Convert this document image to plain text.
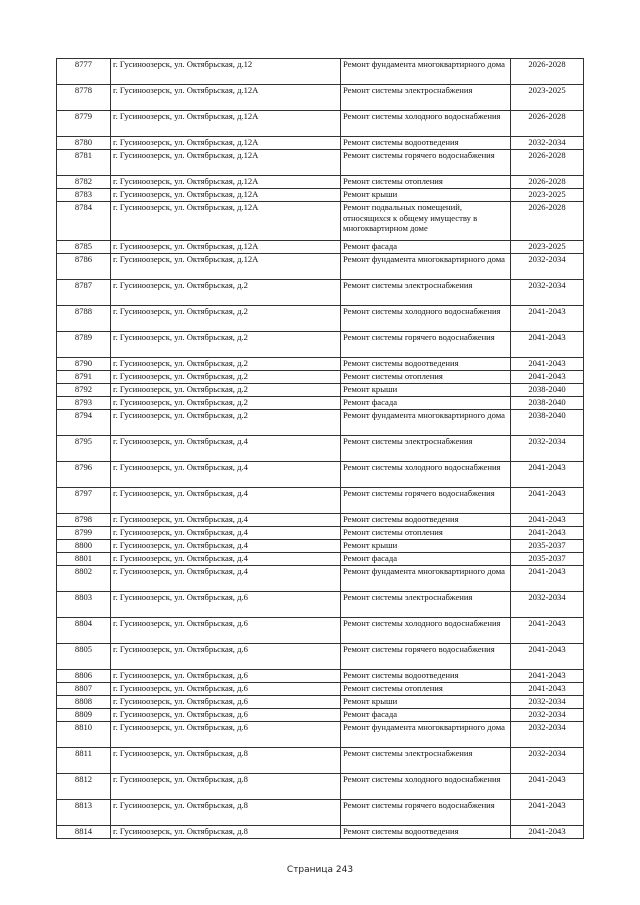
8777	г. Гусиноозерск, ул. Октябрьская, д.12	Ремонт фундамента многоквартирного дома	2026-2028
8778	г. Гусиноозерск, ул. Октябрьская, д.12А	Ремонт системы электроснабжения	2023-2025
8779	г. Гусиноозерск, ул. Октябрьская, д.12А	Ремонт системы холодного водоснабжения	2026-2028
8780	г. Гусиноозерск, ул. Октябрьская, д.12А	Ремонт системы водоотведения	2032-2034
8781	г. Гусиноозерск, ул. Октябрьская, д.12А	Ремонт системы горячего водоснабжения	2026-2028
8782	г. Гусиноозерск, ул. Октябрьская, д.12А	Ремонт системы отопления	2026-2028
8783	г. Гусиноозерск, ул. Октябрьская, д.12А	Ремонт крыши	2023-2025
8784	г. Гусиноозерск, ул. Октябрьская, д.12А	Ремонт подвальных помещений, относящихся к общему имуществу в многоквартирном доме	2026-2028
8785	г. Гусиноозерск, ул. Октябрьская, д.12А	Ремонт фасада	2023-2025
8786	г. Гусиноозерск, ул. Октябрьская, д.12А	Ремонт фундамента многоквартирного дома	2032-2034
8787	г. Гусиноозерск, ул. Октябрьская, д.2	Ремонт системы электроснабжения	2032-2034
8788	г. Гусиноозерск, ул. Октябрьская, д.2	Ремонт системы холодного водоснабжения	2041-2043
8789	г. Гусиноозерск, ул. Октябрьская, д.2	Ремонт системы горячего водоснабжения	2041-2043
8790	г. Гусиноозерск, ул. Октябрьская, д.2	Ремонт системы водоотведения	2041-2043
8791	г. Гусиноозерск, ул. Октябрьская, д.2	Ремонт системы отопления	2041-2043
8792	г. Гусиноозерск, ул. Октябрьская, д.2	Ремонт крыши	2038-2040
8793	г. Гусиноозерск, ул. Октябрьская, д.2	Ремонт фасада	2038-2040
8794	г. Гусиноозерск, ул. Октябрьская, д.2	Ремонт фундамента многоквартирного дома	2038-2040
8795	г. Гусиноозерск, ул. Октябрьская, д.4	Ремонт системы электроснабжения	2032-2034
8796	г. Гусиноозерск, ул. Октябрьская, д.4	Ремонт системы холодного водоснабжения	2041-2043
8797	г. Гусиноозерск, ул. Октябрьская, д.4	Ремонт системы горячего водоснабжения	2041-2043
8798	г. Гусиноозерск, ул. Октябрьская, д.4	Ремонт системы водоотведения	2041-2043
8799	г. Гусиноозерск, ул. Октябрьская, д.4	Ремонт системы отопления	2041-2043
8800	г. Гусиноозерск, ул. Октябрьская, д.4	Ремонт крыши	2035-2037
8801	г. Гусиноозерск, ул. Октябрьская, д.4	Ремонт фасада	2035-2037
8802	г. Гусиноозерск, ул. Октябрьская, д.4	Ремонт фундамента многоквартирного дома	2041-2043
8803	г. Гусиноозерск, ул. Октябрьская, д.6	Ремонт системы электроснабжения	2032-2034
8804	г. Гусиноозерск, ул. Октябрьская, д.6	Ремонт системы холодного водоснабжения	2041-2043
8805	г. Гусиноозерск, ул. Октябрьская, д.6	Ремонт системы горячего водоснабжения	2041-2043
8806	г. Гусиноозерск, ул. Октябрьская, д.6	Ремонт системы водоотведения	2041-2043
8807	г. Гусиноозерск, ул. Октябрьская, д.6	Ремонт системы отопления	2041-2043
8808	г. Гусиноозерск, ул. Октябрьская, д.6	Ремонт крыши	2032-2034
8809	г. Гусиноозерск, ул. Октябрьская, д.6	Ремонт фасада	2032-2034
8810	г. Гусиноозерск, ул. Октябрьская, д.6	Ремонт фундамента многоквартирного дома	2032-2034
8811	г. Гусиноозерск, ул. Октябрьская, д.8	Ремонт системы электроснабжения	2032-2034
8812	г. Гусиноозерск, ул. Октябрьская, д.8	Ремонт системы холодного водоснабжения	2041-2043
8813	г. Гусиноозерск, ул. Октябрьская, д.8	Ремонт системы горячего водоснабжения	2041-2043
8814	г. Гусиноозерск, ул. Октябрьская, д.8	Ремонт системы водоотведения	2041-2043
Страница 243
